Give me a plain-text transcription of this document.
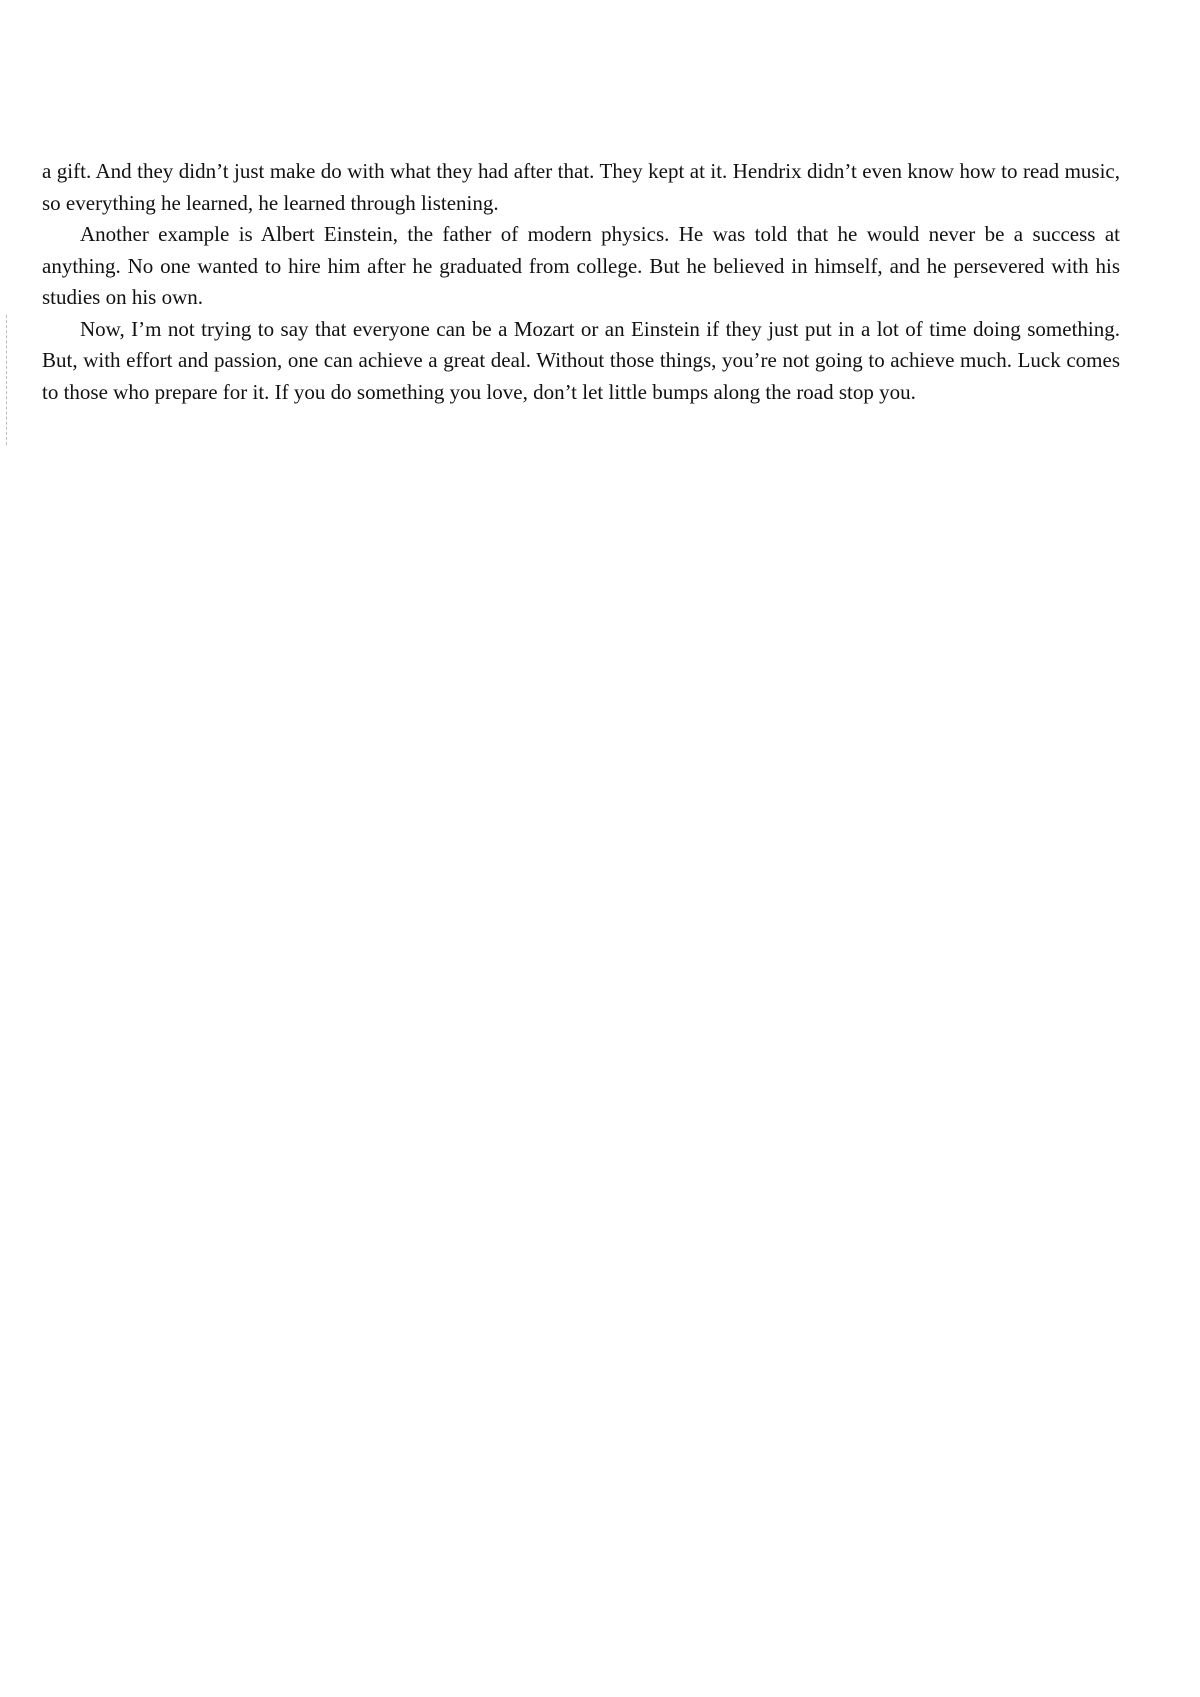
a gift. And they didn’t just make do with what they had after that. They kept at it. Hendrix didn’t even know how to read music, so everything he learned, he learned through listening.

Another example is Albert Einstein, the father of modern physics. He was told that he would never be a success at anything. No one wanted to hire him after he graduated from college. But he believed in himself, and he persevered with his studies on his own.

Now, I’m not trying to say that everyone can be a Mozart or an Einstein if they just put in a lot of time doing something. But, with effort and passion, one can achieve a great deal. Without those things, you’re not going to achieve much. Luck comes to those who prepare for it. If you do something you love, don’t let little bumps along the road stop you.
